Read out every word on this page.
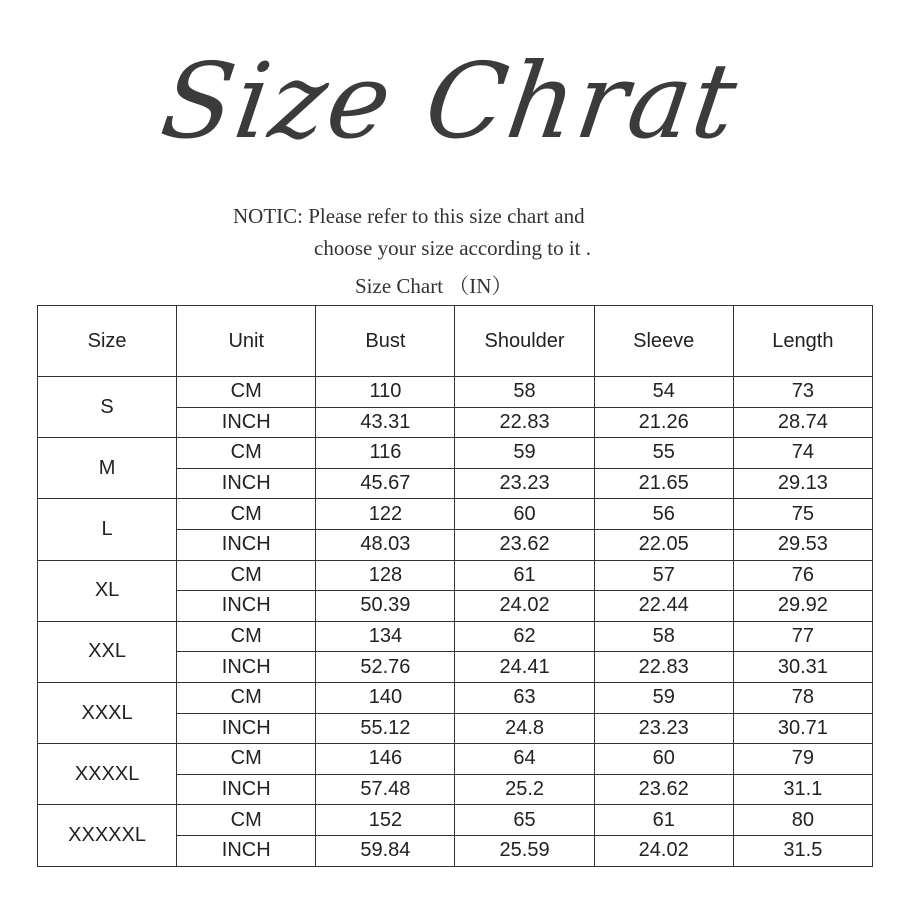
Size Chrat
NOTIC: Please refer to this size chart and
choose your size according to it .
Size Chart （IN）
Size	Unit	Bust	Shoulder	Sleeve	Length
S	CM	110	58	54	73
	INCH	43.31	22.83	21.26	28.74
M	CM	116	59	55	74
	INCH	45.67	23.23	21.65	29.13
L	CM	122	60	56	75
	INCH	48.03	23.62	22.05	29.53
XL	CM	128	61	57	76
	INCH	50.39	24.02	22.44	29.92
XXL	CM	134	62	58	77
	INCH	52.76	24.41	22.83	30.31
XXXL	CM	140	63	59	78
	INCH	55.12	24.8	23.23	30.71
XXXXL	CM	146	64	60	79
	INCH	57.48	25.2	23.62	31.1
XXXXXL	CM	152	65	61	80
	INCH	59.84	25.59	24.02	31.5
